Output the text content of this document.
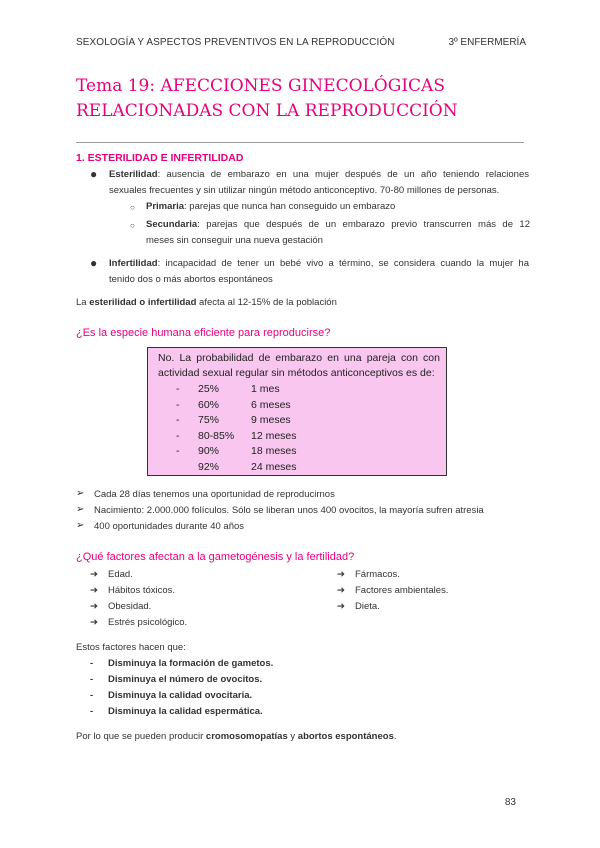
SEXOLOGÍA Y ASPECTOS PREVENTIVOS EN LA REPRODUCCIÓN	3º ENFERMERÍA
Tema 19: AFECCIONES GINECOLÓGICAS
RELACIONADAS CON LA REPRODUCCIÓN
1. ESTERILIDAD E INFERTILIDAD
● Esterilidad: ausencia de embarazo en una mujer después de un año teniendo relaciones
sexuales frecuentes y sin utilizar ningún método anticonceptivo. 70-80 millones de personas.
○ Primaria: parejas que nunca han conseguido un embarazo
○ Secundaria: parejas que después de un embarazo previo transcurren más de 12
meses sin conseguir una nueva gestación
● Infertilidad: incapacidad de tener un bebé vivo a término, se considera cuando la mujer ha
tenido dos o más abortos espontáneos
La esterilidad o infertilidad afecta al 12-15% de la población
¿Es la especie humana eficiente para reproducirse?
No. La probabilidad de embarazo en una pareja con con actividad sexual regular sin métodos anticonceptivos es de:
- 25%	1 mes
- 60%	6 meses
- 75%	9 meses
- 80-85% 12 meses
- 90%	18 meses
92%	24 meses
➢ Cada 28 días tenemos una oportunidad de reproducirnos
➢ Nacimiento: 2.000.000 folículos. Sólo se liberan unos 400 ovocitos, la mayoría sufren atresia
➢ 400 oportunidades durante 40 años
¿Qué factores afectan a la gametogénesis y la fertilidad?
➔ Edad.
➔ Hábitos tóxicos.
➔ Obesidad.
➔ Estrés psicológico.
➔ Fármacos.
➔ Factores ambientales.
➔ Dieta.
Estos factores hacen que:
- Disminuya la formación de gametos.
- Disminuya el número de ovocitos.
- Disminuya la calidad ovocitaria.
- Disminuya la calidad espermática.
Por lo que se pueden producir cromosomopatías y abortos espontáneos.
83
